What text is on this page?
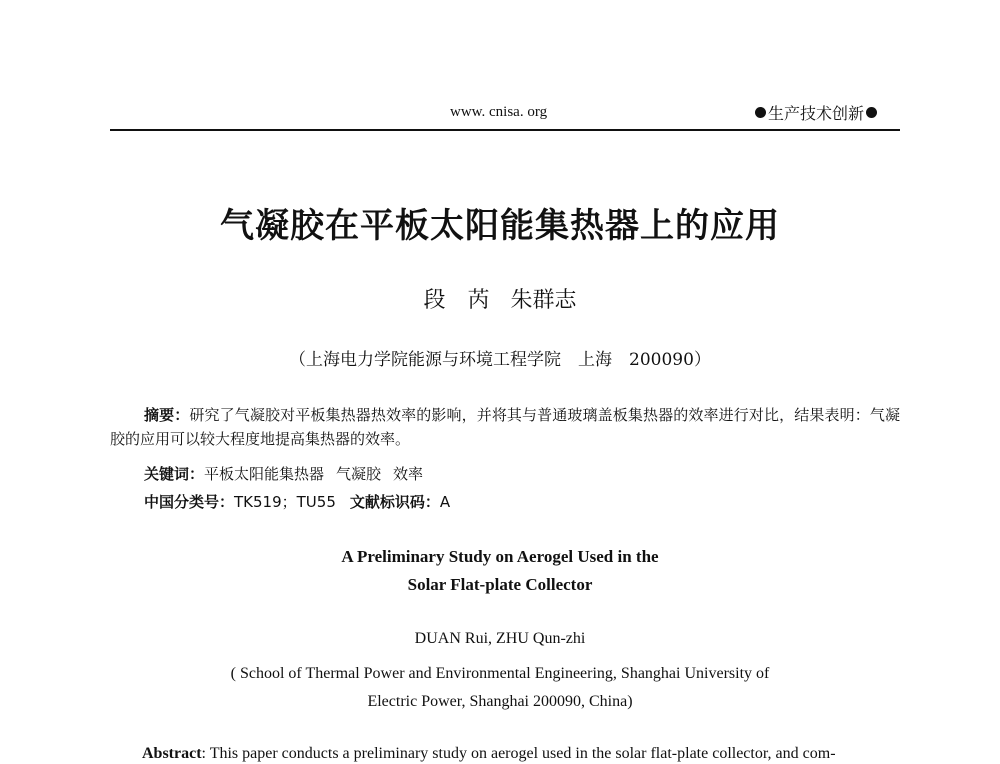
www. cnisa. org	生产技术创新
气凝胶在平板太阳能集热器上的应用
段　芮 朱群志
（上海电力学院能源与环境工程学院　上海　200090）
摘要：研究了气凝胶对平板集热器热效率的影响，并将其与普通玻璃盖板集热器的效率进行对比，结果表明：气凝胶的应用可以较大程度地提高集热器的效率。
关键词：平板太阳能集热器 气凝胶 效率
中国分类号：TK519；TU55 文献标识码：A
A Preliminary Study on Aerogel Used in the
Solar Flat-plate Collector
DUAN Rui, ZHU Qun-zhi
( School of Thermal Power and Environmental Engineering, Shanghai University of
Electric Power, Shanghai 200090, China)
Abstract: This paper conducts a preliminary study on aerogel used in the solar flat-plate collector, and com-
